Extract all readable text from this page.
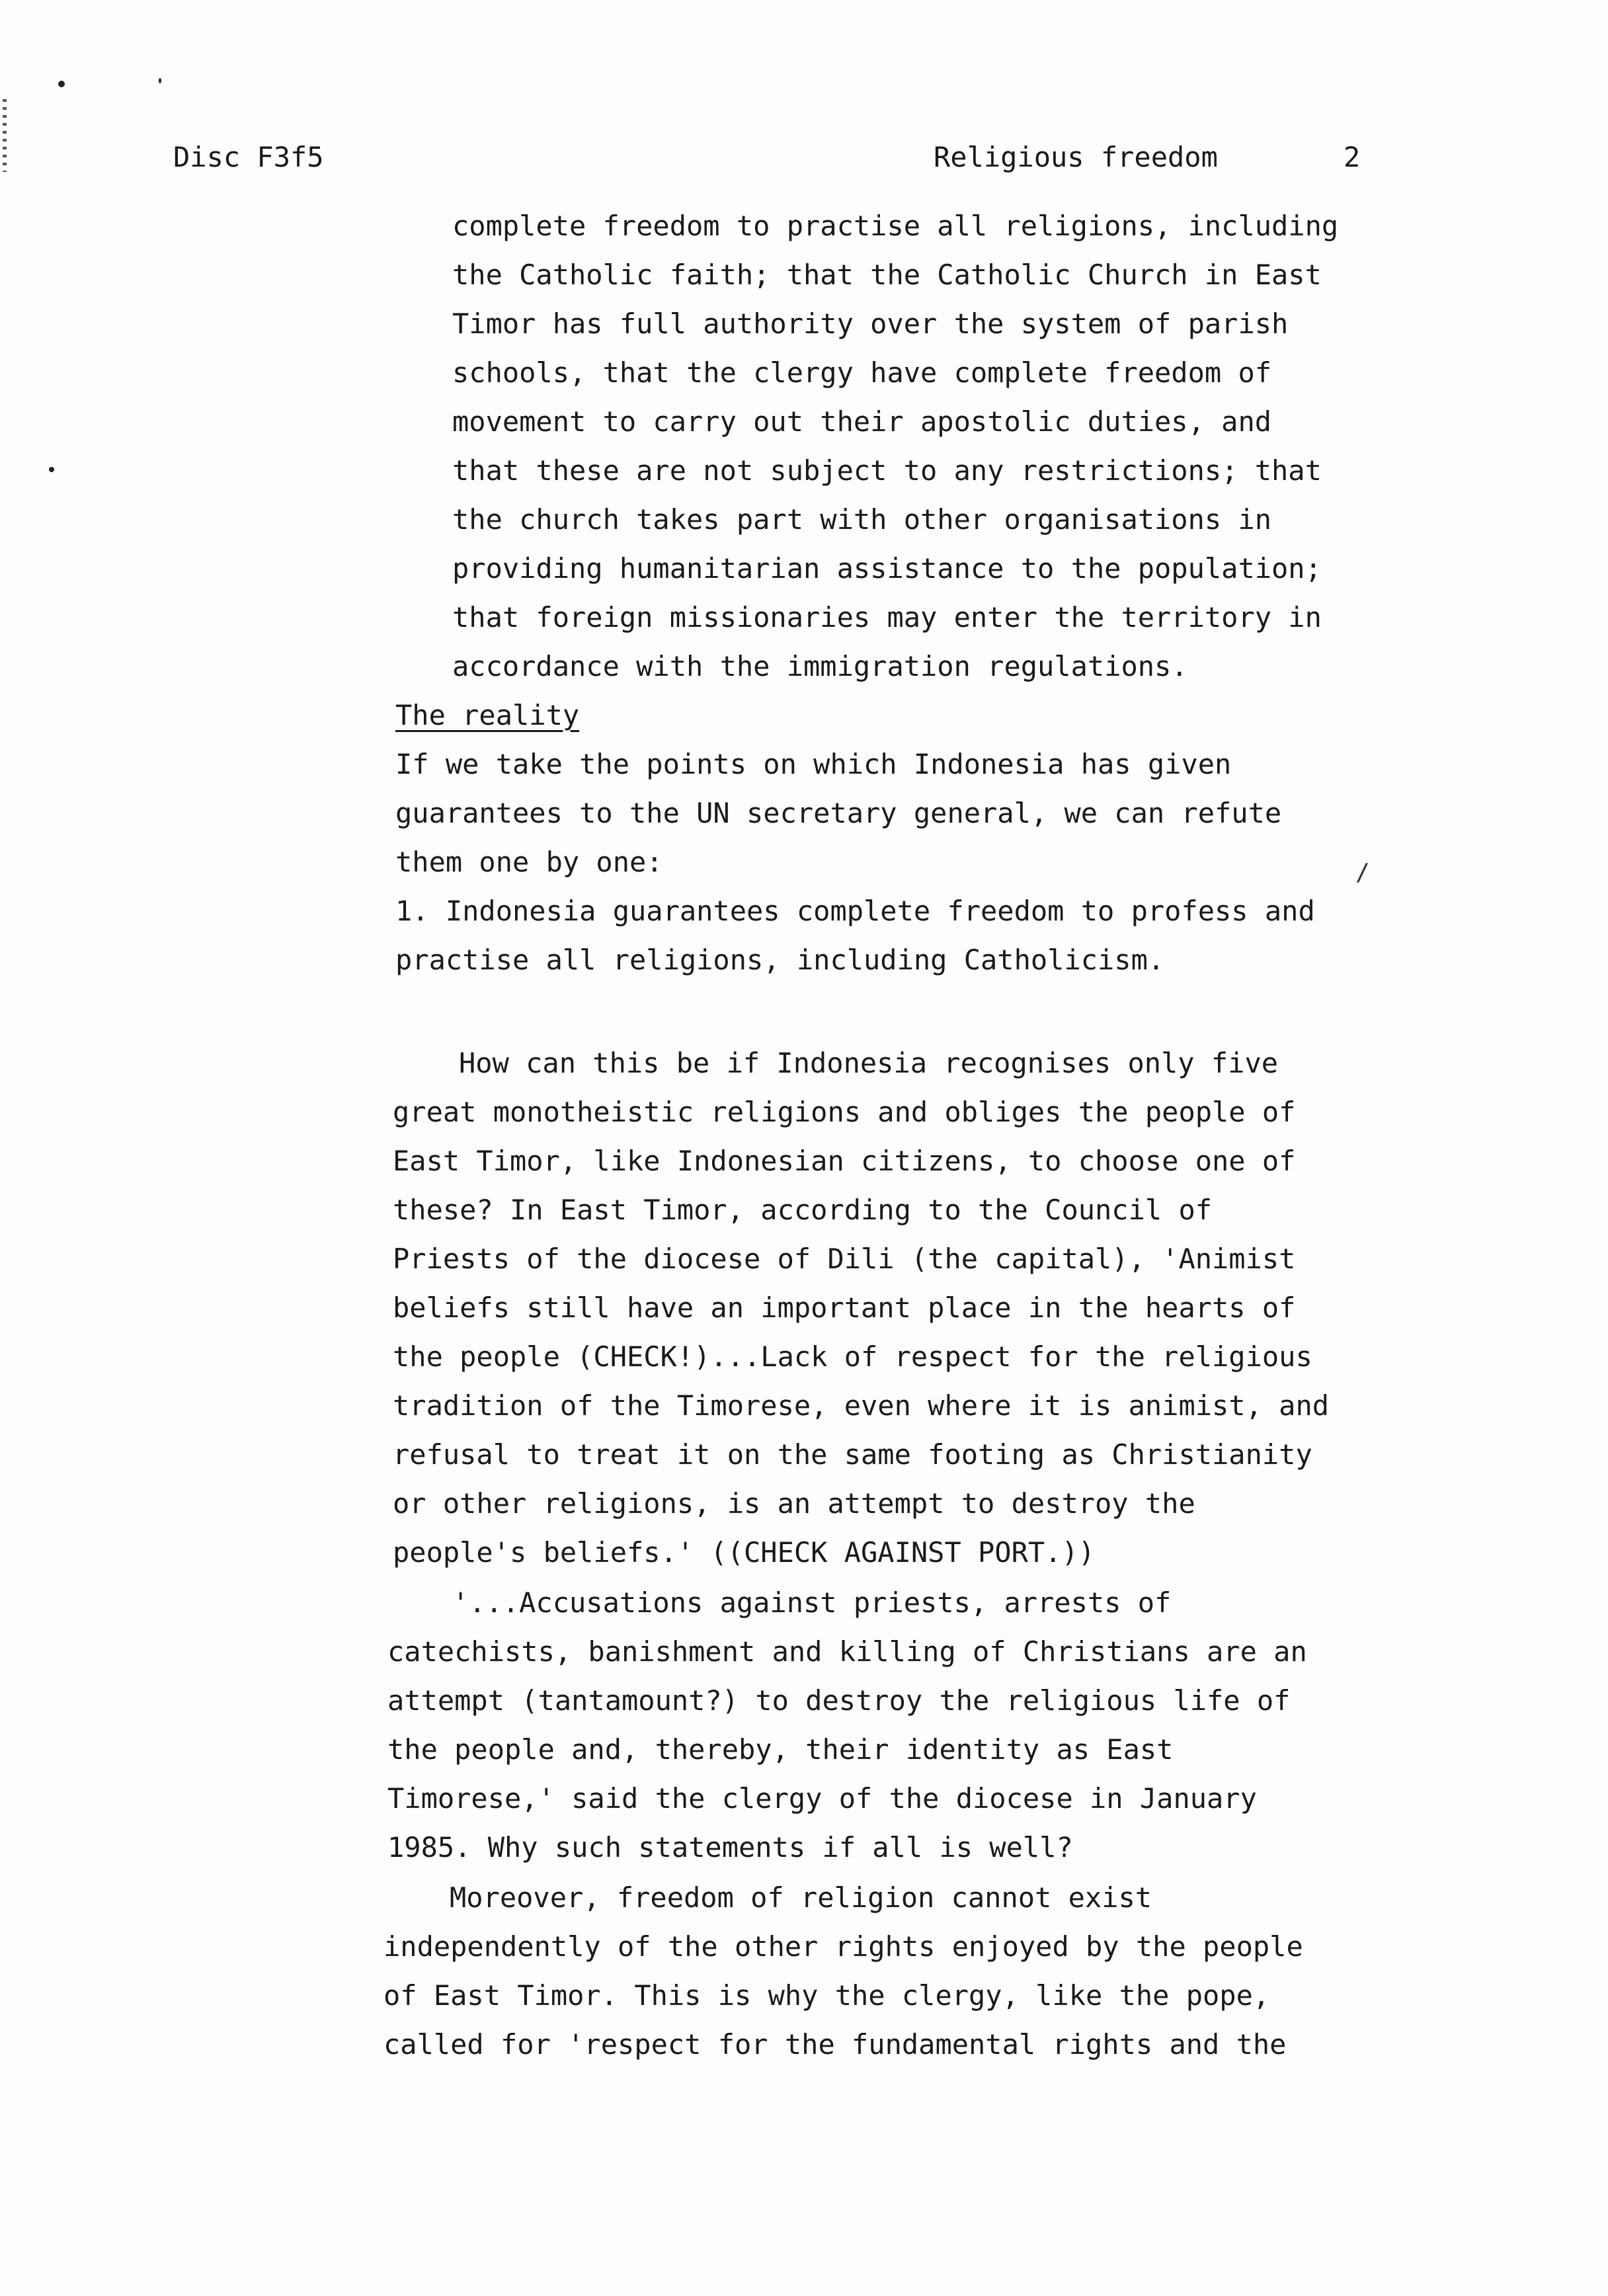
/
Disc F3f5	Religious freedom	2
complete freedom to practise all religions, including
the Catholic faith; that the Catholic Church in East
Timor has full authority over the system of parish
schools, that the clergy have complete freedom of
movement to carry out their apostolic duties, and
that these are not subject to any restrictions; that
the church takes part with other organisations in
providing humanitarian assistance to the population;
that foreign missionaries may enter the territory in
accordance with the immigration regulations.
The reality
If we take the points on which Indonesia has given
guarantees to the UN secretary general, we can refute
them one by one:
1. Indonesia guarantees complete freedom to profess and
practise all religions, including Catholicism.
How can this be if Indonesia recognises only five
great monotheistic religions and obliges the people of
East Timor, like Indonesian citizens, to choose one of
these? In East Timor, according to the Council of
Priests of the diocese of Dili (the capital), 'Animist
beliefs still have an important place in the hearts of
the people (CHECK!)...Lack of respect for the religious
tradition of the Timorese, even where it is animist, and
refusal to treat it on the same footing as Christianity
or other religions, is an attempt to destroy the
people's beliefs.' ((CHECK AGAINST PORT.))
'...Accusations against priests, arrests of
catechists, banishment and killing of Christians are an
attempt (tantamount?) to destroy the religious life of
the people and, thereby, their identity as East
Timorese,' said the clergy of the diocese in January
1985. Why such statements if all is well?
Moreover, freedom of religion cannot exist
independently of the other rights enjoyed by the people
of East Timor. This is why the clergy, like the pope,
called for 'respect for the fundamental rights and the
